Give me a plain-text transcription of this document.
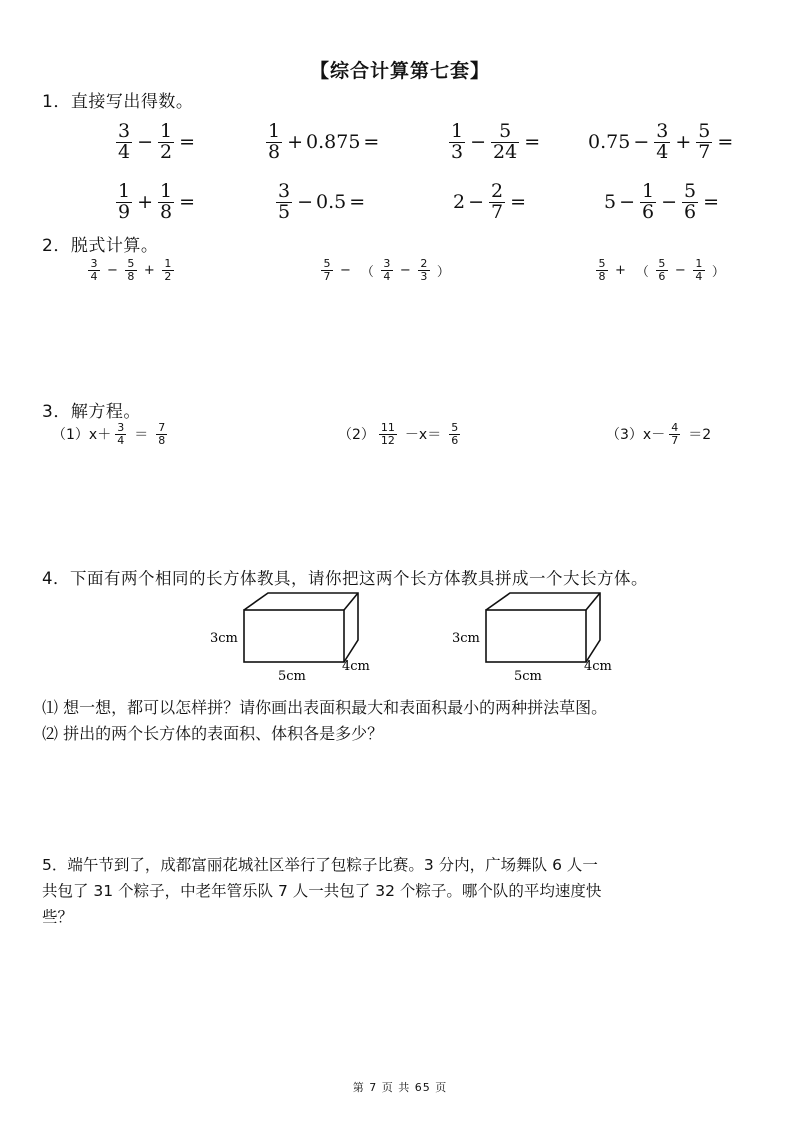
【综合计算第七套】
1．直接写出得数。
$\frac{3}{4} - \frac{1}{2}$ =	$\frac{1}{8} + 0.875$ =	$\frac{1}{3} - \frac{5}{24}$ =	$0.75 - \frac{3}{4} + \frac{5}{7}$ =
$\frac{1}{9} + \frac{1}{8}$ =	$\frac{3}{5} - 0.5$ =	$2 - \frac{2}{7}$ =	$5 - \frac{1}{6} - \frac{5}{6}$ =
2．脱式计算。
$\frac{3}{4} - \frac{5}{8} + \frac{1}{2}$	$\frac{5}{7}$ − （ $\frac{3}{4} - \frac{2}{3}$ ）	$\frac{5}{8}$ + （ $\frac{5}{6} - \frac{1}{4}$ ）
3．解方程。
$(1)x+ \frac{3}{4} = \frac{7}{8}$	$(2) \frac{11}{12} -x= \frac{5}{6}$	$(3)x- \frac{4}{7} =2$
4．下面有两个相同的长方体教具，请你把这两个长方体教具拼成一个大长方体。
3cm
5cm
4cm
3cm
5cm
4cm
⑴ 想一想，都可以怎样拼？请你画出表面积最大和表面积最小的两种拼法草图。
⑵ 拼出的两个长方体的表面积、体积各是多少？
5．端午节到了，成都富丽花城社区举行了包粽子比赛。3 分内，广场舞队 6 人一
共包了 31 个粽子，中老年管乐队 7 人一共包了 32 个粽子。哪个队的平均速度快
些？
第 7 页 共 65 页
